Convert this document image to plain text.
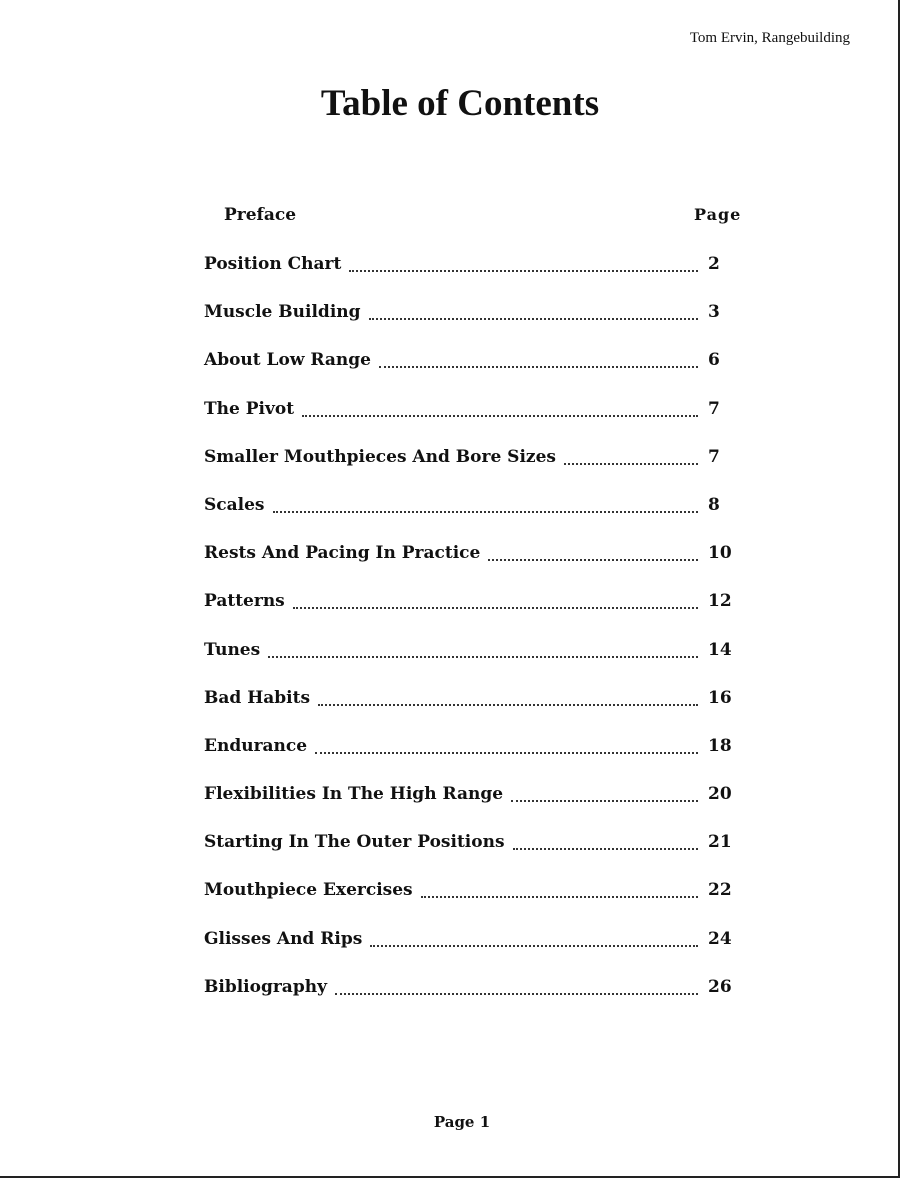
Tom Ervin, Rangebuilding
Table of Contents
Preface	Page
Position Chart	2
Muscle Building	3
About Low Range	6
The Pivot	7
Smaller Mouthpieces And Bore Sizes	7
Scales	8
Rests And Pacing In Practice	10
Patterns	12
Tunes	14
Bad Habits	16
Endurance	18
Flexibilities In The High Range	20
Starting In The Outer Positions	21
Mouthpiece Exercises	22
Glisses And Rips	24
Bibliography	26
Page 1
